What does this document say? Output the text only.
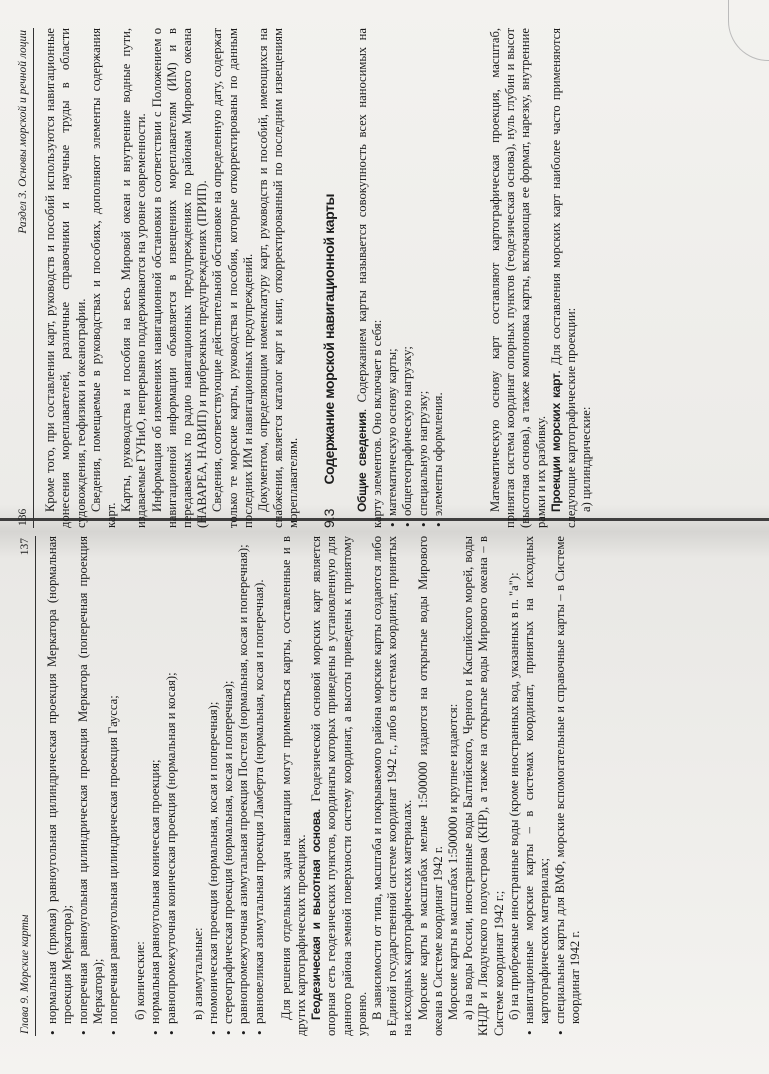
136
Раздел 3. Основы морской и речной лоции Кроме того, при составлении карт, руководств и пособий используются навигационные донесения мореплавателей, различные справочники и научные труды в области судовождения, геофизики и океанографии. Сведения, помещаемые в руководствах и пособиях, дополняют элементы содержания карт.

Карты, руководства и пособия на весь Мировой океан и внутренние водные пути, издаваемые ГУНиО, непрерывно поддерживаются на уровне современности. Информация об изменениях навигационной обстановки в соответствии с Положением о навигационной информации объявляется в извещениях мореплавателям (ИМ) и в передаваемых по радио навигационных предупреждениях по районам Мирового океана (НАВАРЕА, НАВИП) и прибрежных предупреждениях (ПРИП). Сведения, соответствующие действительной обстановке на определенную дату, содержат только те морские карты, руководства и пособия, которые откорректированы по данным последних ИМ и навигационных предупреждений. Документом, определяющим номенклатуру карт, руководств и пособий, имеющихся на снабжении, является каталог карт и книг, откорректированный по последним извещениям мореплавателям. 9.3
Содержание морской навигационной карты Общие сведения. Содержанием карты называется совокупность всех наносимых на карту элементов. Оно включает в себя: • математическую основу карты; • общегеографическую нагрузку; • специальную нагрузку; • элементы оформления.	Математическую основу карт составляют картографическая проекция, масштаб, принятая система координат опорных пунктов (геодезическая основа), нуль глубин и высот (высотная основа), а также компоновка карты, включающая ее формат, нарезку, внутренние рамки и их разбивку. Проекции морских карт. Для составления морских карт наиболее часто применяются следующие картографические проекции: а) цилиндрические:

Глава 9. Морские карты
137 • нормальная (прямая) равноугольная цилиндрическая проекция Меркатора (нормальная проекция Меркатора); • поперечная равноугольная цилиндрическая проекция Меркатора (поперечная проекция Меркатора); • поперечная равноугольная цилиндрическая проекция Гаусса; б) конические: • нормальная равноугольная коническая проекция; • равнопромежуточная коническая проекция (нормальная и косая); в) азимутальные: • гномоническая проекция (нормальная, косая и поперечная); • стереографическая проекция (нормальная, косая и поперечная); • равнопромежуточная азимутальная проекция Постеля (нормальная, косая и поперечная); • равновеликая азимутальная проекция Ламберта (нормальная, косая и поперечная). Для решения отдельных задач навигации могут применяться карты, составленные и в других картографических проекциях. Геодезическая и высотная основа. Геодезической основой морских карт является опорная сеть геодезических пунктов, координаты которых приведены в установленную для данного района земной поверхности систему координат, а высоты приведены к принятому уровню. В зависимости от типа, масштаба и покрываемого района морские карты создаются либо в Единой государственной системе координат 1942 г., либо в системах координат, принятых на исходных картографических материалах. Морские карты в масштабах мельче 1:500000 издаются на открытые воды Мирового океана в Системе координат 1942 г. Морские карты в масштабах 1:500000 и крупнее издаются: а) на воды России, иностранные воды Балтийского, Черного и Каспийского морей, воды КНДР и Ляодунского полуострова (КНР), а также на открытые воды Мирового океана – в Системе координат 1942 г.; б) на прибрежные иностранные воды (кроме иностранных вод, указанных в п. "а"): • навигационные морские карты – в системах координат, принятых на исходных картографических материалах; • специальные карты для ВМФ, морские вспомогательные и справочные карты – в Системе координат 1942 г.
